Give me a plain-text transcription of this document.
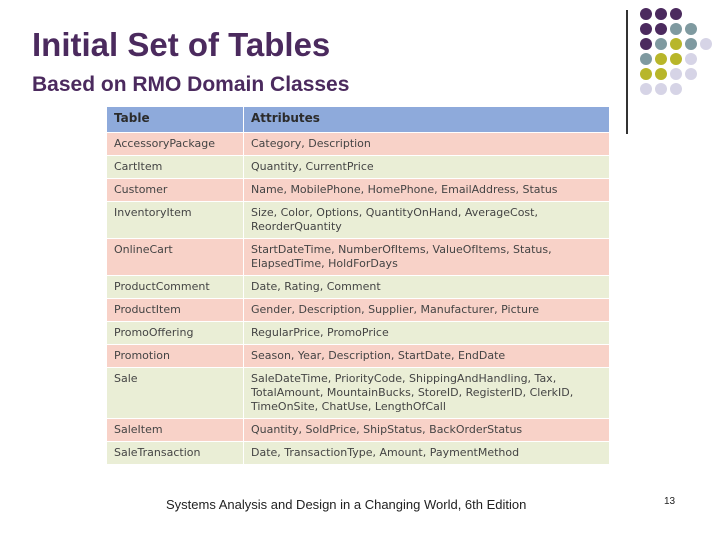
Initial Set of Tables
Based on RMO Domain Classes
Table	Attributes
AccessoryPackage	Category, Description
CartItem	Quantity, CurrentPrice
Customer	Name, MobilePhone, HomePhone, EmailAddress, Status
InventoryItem	Size, Color, Options, QuantityOnHand, AverageCost, ReorderQuantity
OnlineCart	StartDateTime, NumberOfItems, ValueOfItems, Status, ElapsedTime, HoldForDays
ProductComment	Date, Rating, Comment
ProductItem	Gender, Description, Supplier, Manufacturer, Picture
PromoOffering	RegularPrice, PromoPrice
Promotion	Season, Year, Description, StartDate, EndDate
Sale	SaleDateTime, PriorityCode, ShippingAndHandling, Tax, TotalAmount, MountainBucks, StoreID, RegisterID, ClerkID, TimeOnSite, ChatUse, LengthOfCall
SaleItem	Quantity, SoldPrice, ShipStatus, BackOrderStatus
SaleTransaction	Date, TransactionType, Amount, PaymentMethod
Systems Analysis and Design in a Changing World, 6th Edition	13
